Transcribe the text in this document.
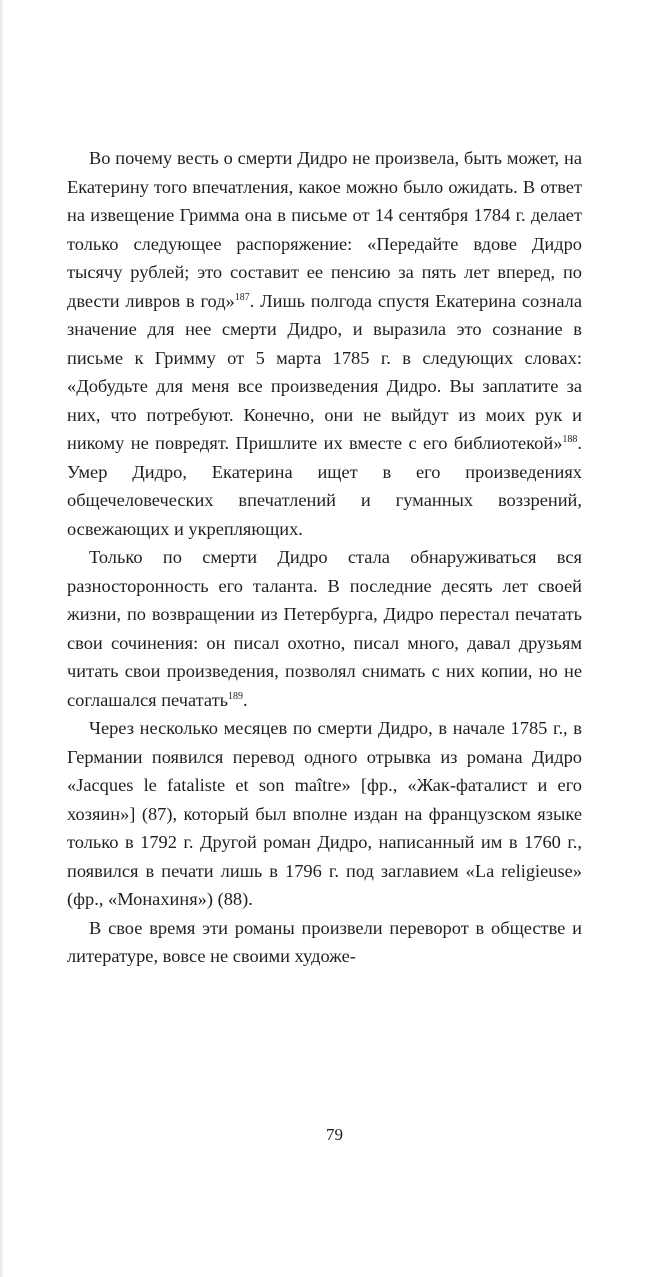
Во почему весть о смерти Дидро не произвела, быть может, на Екатерину того впечатления, какое можно было ожидать. В ответ на извещение Гримма она в письме от 14 сентября 1784 г. делает только следующее распоряжение: «Передайте вдове Дидро тысячу рублей; это составит ее пенсию за пять лет вперед, по двести ливров в год»$^{187}$. Лишь полгода спустя Екатерина сознала значение для нее смерти Дидро, и выразила это сознание в письме к Гримму от 5 марта 1785 г. в следующих словах: «Добудьте для меня все произведения Дидро. Вы заплатите за них, что потребуют. Конечно, они не выйдут из моих рук и никому не повредят. Пришлите их вместе с его библиотекой»$^{188}$. Умер Дидро, Екатерина ищет в его произведениях общечеловеческих впечатлений и гуманных воззрений, освежающих и укрепляющих.

Только по смерти Дидро стала обнаруживаться вся разносторонность его таланта. В последние десять лет своей жизни, по возвращении из Петербурга, Дидро перестал печатать свои сочинения: он писал охотно, писал много, давал друзьям читать свои произведения, позволял снимать с них копии, но не соглашался печатать$^{189}$.

Через несколько месяцев по смерти Дидро, в начале 1785 г., в Германии появился перевод одного отрывка из романа Дидро «Jacques le fataliste et son maître» [фр., «Жак-фаталист и его хозяин»] (87), который был вполне издан на французском языке только в 1792 г. Другой роман Дидро, написанный им в 1760 г., появился в печати лишь в 1796 г. под заглавием «La religieuse» (фр., «Монахиня») (88).

В свое время эти романы произвели переворот в обществе и литературе, вовсе не своими художе-

79
